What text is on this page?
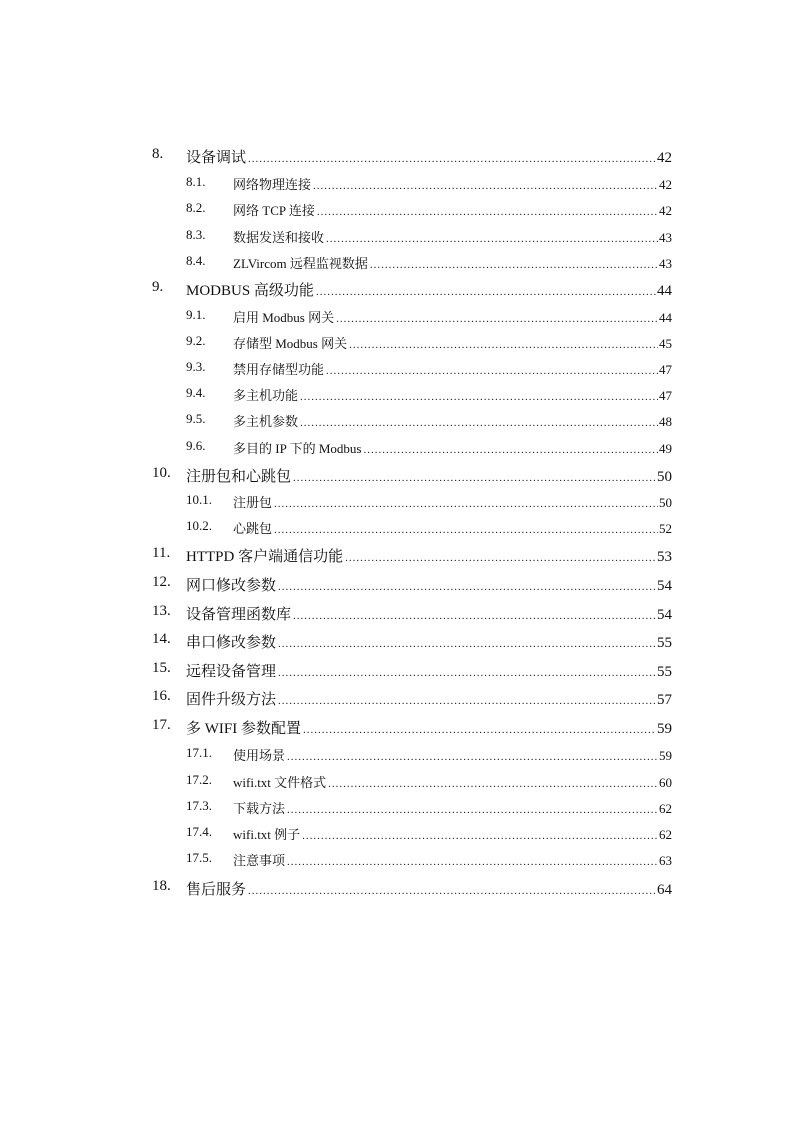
8. 设备调试 .....	42
8.1. 网络物理连接 .....	42
8.2. 网络 TCP 连接 .....	42
8.3. 数据发送和接收 .....	43
8.4. ZLVircom 远程监视数据 .....	43
9. MODBUS 高级功能 .....	44
9.1. 启用 Modbus 网关 .....	44
9.2. 存储型 Modbus 网关 .....	45
9.3. 禁用存储型功能 .....	47
9.4. 多主机功能 .....	47
9.5. 多主机参数 .....	48
9.6. 多目的 IP 下的 Modbus .....	49
10. 注册包和心跳包 .....	50
10.1. 注册包 .....	50
10.2. 心跳包 .....	52
11. HTTPD 客户端通信功能 .....	53
12. 网口修改参数 .....	54
13. 设备管理函数库 .....	54
14. 串口修改参数 .....	55
15. 远程设备管理 .....	55
16. 固件升级方法 .....	57
17. 多 WIFI 参数配置 .....	59
17.1. 使用场景 .....	59
17.2. wifi.txt 文件格式 .....	60
17.3. 下载方法 .....	62
17.4. wifi.txt 例子 .....	62
17.5. 注意事项 .....	63
18. 售后服务 .....	64
